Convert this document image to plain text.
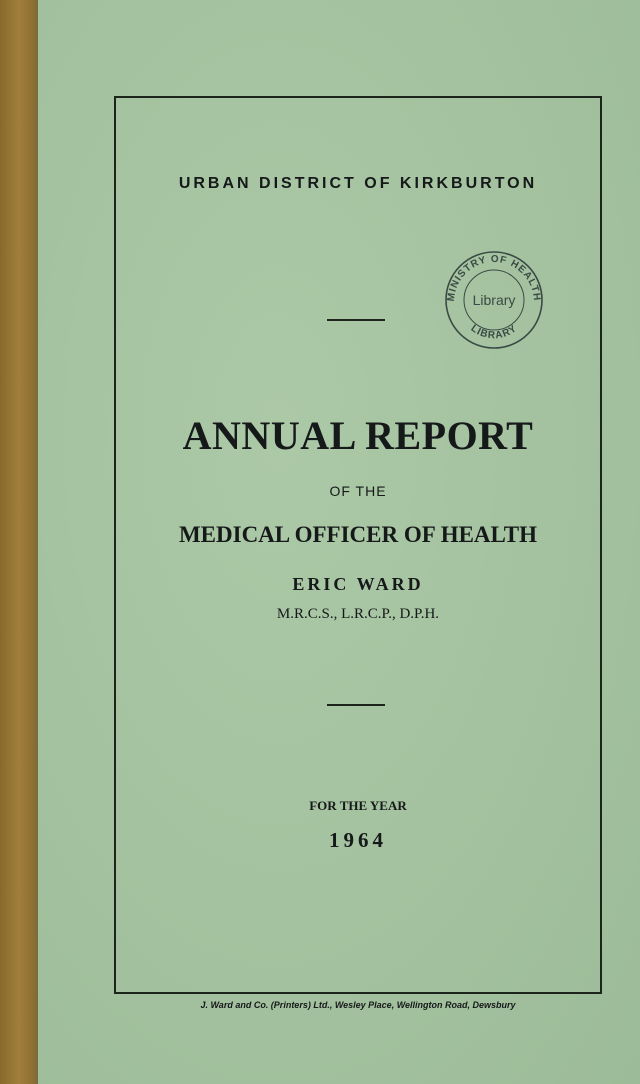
URBAN DISTRICT OF KIRKBURTON
MINISTRY OF HEALTH
Library
LIBRARY
ANNUAL REPORT
OF THE
MEDICAL OFFICER OF HEALTH
ERIC WARD
M.R.C.S., L.R.C.P., D.P.H.
FOR THE YEAR
1964
J. Ward and Co. (Printers) Ltd., Wesley Place, Wellington Road, Dewsbury
